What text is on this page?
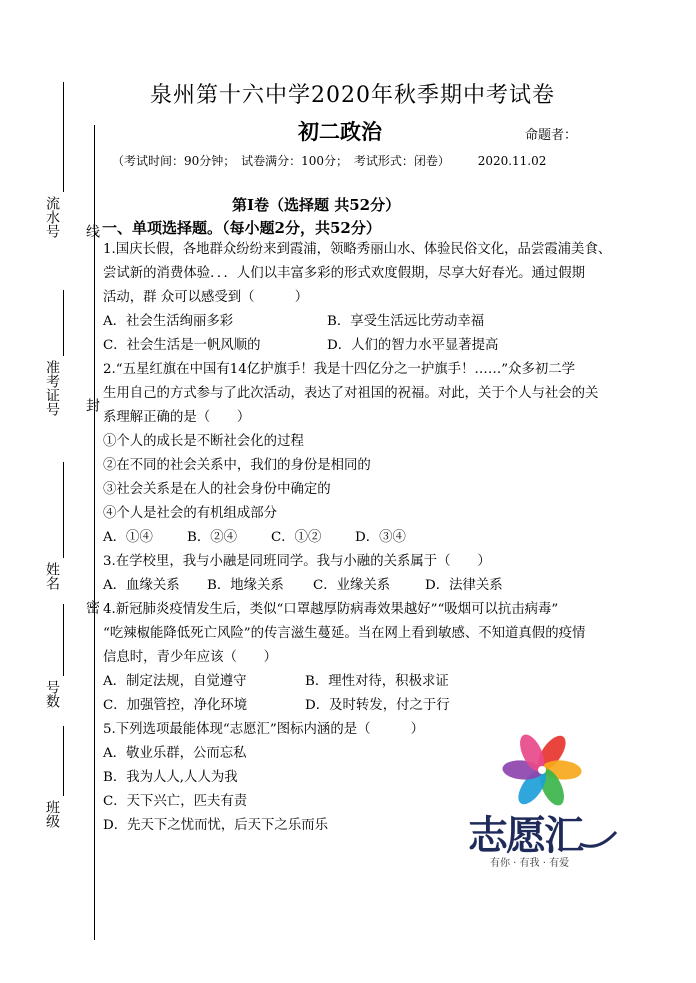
流水号
准考证号
姓名
号数
班级
线
封
密
泉州第十六中学2020年秋季期中考试卷
初二政治	命题者：
（考试时间：90分钟； 试卷满分：100分； 考试形式：闭卷） 2020.11.02
第Ⅰ卷（选择题 共52分）
一、单项选择题。（每小题2分，共52分）

1.国庆长假，各地群众纷纷来到霞浦，领略秀丽山水、体验民俗文化，品尝霞浦美食、

尝试新的消费体验．．．人们以丰富多彩的形式欢度假期，尽享大好春光。通过假期

活动，群 众可以感受到（　　　）

A．社会生活绚丽多彩	B．享受生活远比劳动幸福
C．社会生活是一帆风顺的	D．人们的智力水平显著提高

2.“五星红旗在中国有14亿护旗手！我是十四亿分之一护旗手！……”众多初二学

生用自己的方式参与了此次活动，表达了对祖国的祝福。对此，关于个人与社会的关

系理解正确的是（　　）

①个人的成长是不断社会化的过程

②在不同的社会关系中，我们的身份是相同的

③社会关系是在人的社会身份中确定的

④个人是社会的有机组成部分

A．①④	B．②④	C．①②	D．③④

3.在学校里，我与小融是同班同学。我与小融的关系属于（　　）

A．血缘关系	B．地缘关系	C．业缘关系	D．法律关系

4.新冠肺炎疫情发生后，类似“口罩越厚防病毒效果越好”“吸烟可以抗击病毒”

“吃辣椒能降低死亡风险”的传言滋生蔓延。当在网上看到敏感、不知道真假的疫情

信息时，青少年应该（　　）

A．制定法规，自觉遵守	B．理性对待，积极求证
C．加强管控，净化环境	D．及时转发，付之于行

5.下列选项最能体现“志愿汇”图标内涵的是（　　　）

A．敬业乐群，公而忘私

B．我为人人,人人为我

C．天下兴亡，匹夫有责

D．先天下之忧而忧，后天下之乐而乐	志愿汇
有你 · 有我 · 有爱
